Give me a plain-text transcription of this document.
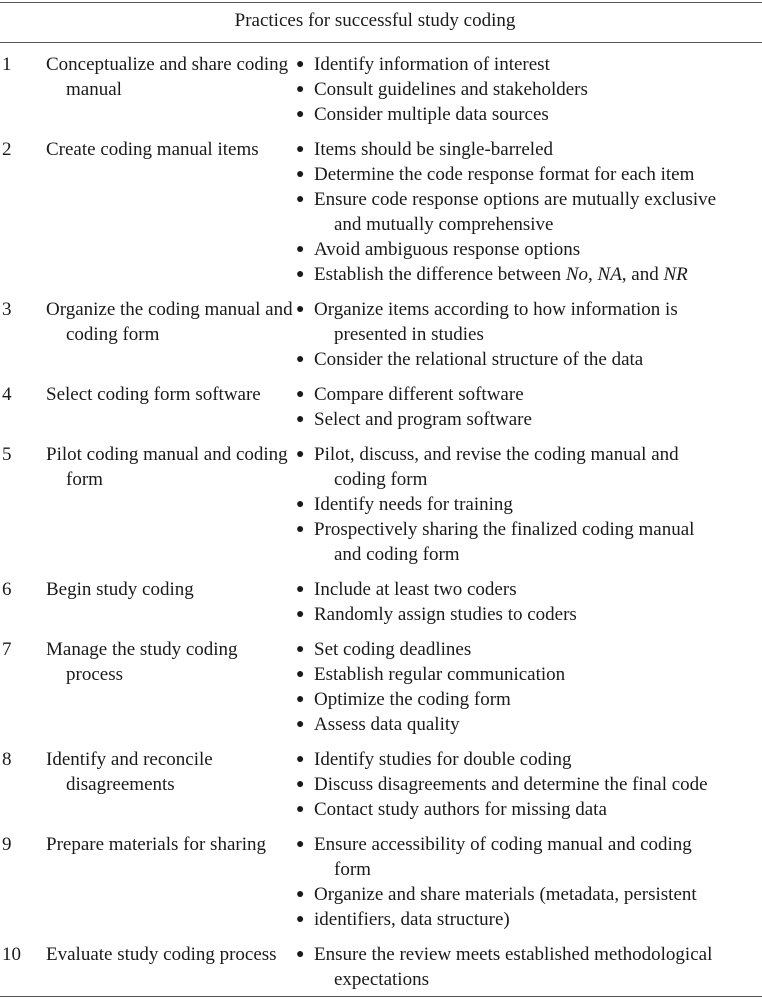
Practices for successful study coding
1	Conceptualize and share coding manual
● Identify information of interest
● Consult guidelines and stakeholders
● Consider multiple data sources
2	Create coding manual items	● Items should be single-barreled
● Determine the code response format for each item
● Ensure code response options are mutually exclusive
and mutually comprehensive
● Avoid ambiguous response options
● Establish the difference between No, NA, and NR
3	Organize the coding manual and coding form
● Organize items according to how information is
presented in studies
● Consider the relational structure of the data
4	Select coding form software	● Compare different software
● Select and program software
5	Pilot coding manual and coding form
● Pilot, discuss, and revise the coding manual and
coding form
● Identify needs for training
● Prospectively sharing the finalized coding manual
and coding form
6	Begin study coding	● Include at least two coders
● Randomly assign studies to coders
7	Manage the study coding process
● Set coding deadlines
● Establish regular communication
● Optimize the coding form
● Assess data quality
8	Identify and reconcile disagreements
● Identify studies for double coding
● Discuss disagreements and determine the final code
● Contact study authors for missing data
9	Prepare materials for sharing	● Ensure accessibility of coding manual and coding
form
● Organize and share materials (metadata, persistent
● identifiers, data structure)
10	Evaluate study coding process	● Ensure the review meets established methodological
expectations
